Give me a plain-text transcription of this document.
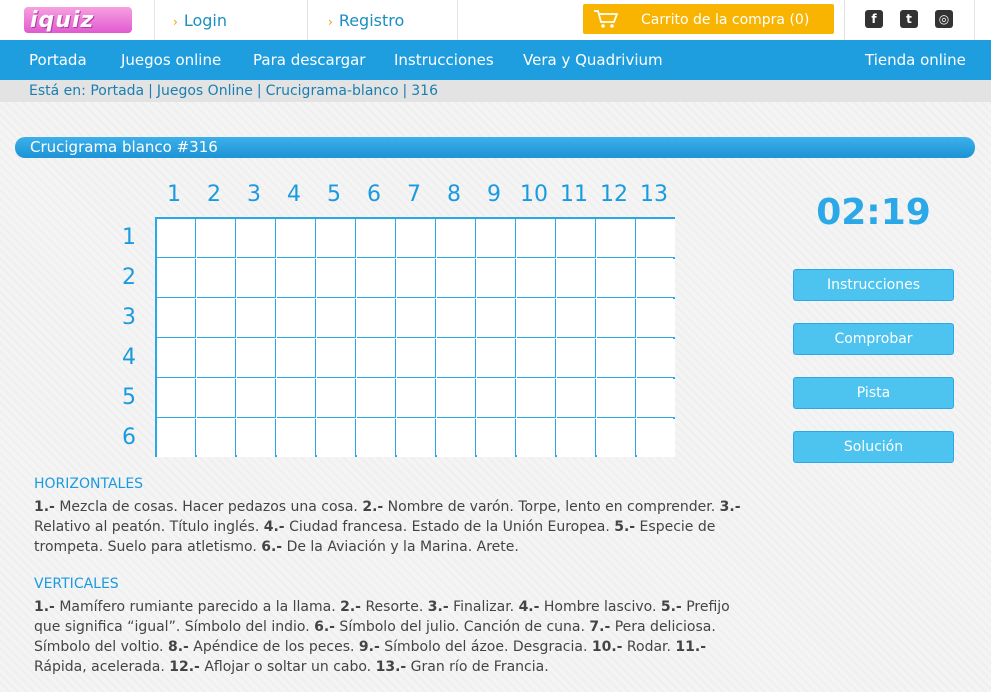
iquiz	› Login	› Registro	Carrito de la compra (0)	f	t	◎
Portada Juegos online Para descargar Instrucciones Vera y Quadrivium	Tienda online
Está en: Portada | Juegos Online | Crucigrama-blanco | 316
Crucigrama blanco #316
1	2	3	4	5	6	7	8	9 10 11 12 13
1
2
3
4
5
6
02:19
Instrucciones
Comprobar
Pista
Solución
HORIZONTALES
1.- Mezcla de cosas. Hacer pedazos una cosa. 2.- Nombre de varón. Torpe, lento en comprender. 3.- Relativo al peatón. Título inglés. 4.- Ciudad francesa. Estado de la Unión Europea. 5.- Especie de trompeta. Suelo para atletismo. 6.- De la Aviación y la Marina. Arete.
VERTICALES
1.- Mamífero rumiante parecido a la llama. 2.- Resorte. 3.- Finalizar. 4.- Hombre lascivo. 5.- Prefijo que significa “igual”. Símbolo del indio. 6.- Símbolo del julio. Canción de cuna. 7.- Pera deliciosa. Símbolo del voltio. 8.- Apéndice de los peces. 9.- Símbolo del ázoe. Desgracia. 10.- Rodar. 11.- Rápida, acelerada. 12.- Aflojar o soltar un cabo. 13.- Gran río de Francia.
